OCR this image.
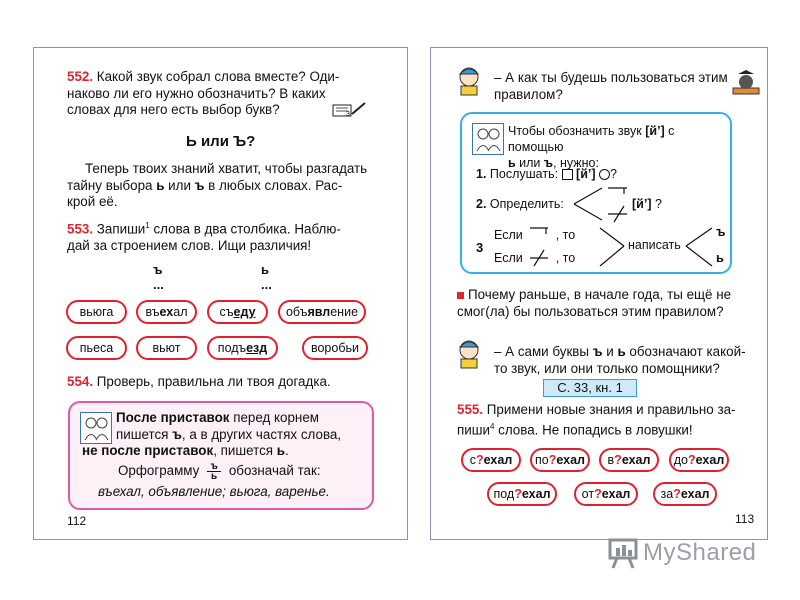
552. Какой звук собрал слова вместе? Оди-
наково ли его нужно обозначить? В каких
словах для него есть выбор букв?	3
Ь или Ъ?
Теперь твоих знаний хватит, чтобы разгадать
тайну выбора ь или ъ в любых словах. Рас-
крой её.
553. Запиши$^1$ слова в два столбика. Наблю-
дай за строением слов. Ищи различия!
ъ	ь
...	...
вьюга	въехал	съеду	объявление
пьеса	вьют	подъезд	воробьи
554. Проверь, правильна ли твоя догадка.
После приставок перед корнем
пишется ъ, а в других частях слова,
не после приставок, пишется ь.
Орфограмму	ъ
ь обозначай так:
въехал, объявление; вьюга, варенье.
112
– А как ты будешь пользоваться этим
правилом?
Чтобы обозначить звук [й’] с помощью
ь или ъ, нужно:
1. Послушать:  [й’] ?
2. Определить:	[й’] ?
3
Если	, то
Если	, то
написать
ъ
ь
Почему раньше, в начале года, ты ещё не
смог(ла) бы пользоваться этим правилом?
– А сами буквы ъ и ь обозначают какой-
то звук, или они только помощники?
С. 33, кн. 1
555. Примени новые знания и правильно за-
пиши$^4$ слова. Не попадись в ловушки!
с?ехал	по?ехал	в?ехал	до?ехал
под?ехал	от?ехал	за?ехал
113
MyShared
